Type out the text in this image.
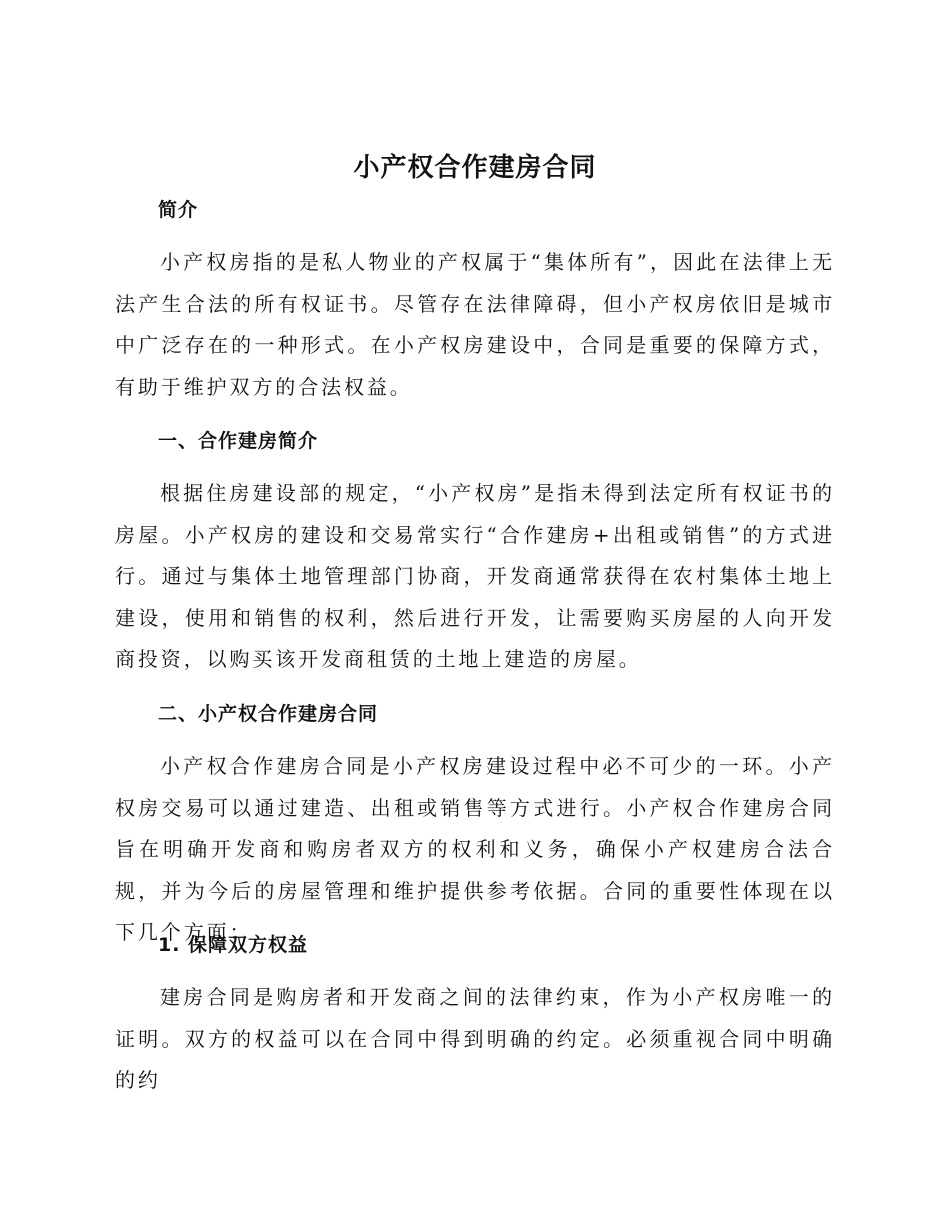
小产权合作建房合同
简介
小产权房指的是私人物业的产权属于“集体所有”，因此在法律上无法产生合法的所有权证书。尽管存在法律障碍，但小产权房依旧是城市中广泛存在的一种形式。在小产权房建设中，合同是重要的保障方式，有助于维护双方的合法权益。
一、合作建房简介
根据住房建设部的规定，“小产权房”是指未得到法定所有权证书的房屋。小产权房的建设和交易常实行“合作建房+出租或销售”的方式进行。通过与集体土地管理部门协商，开发商通常获得在农村集体土地上建设，使用和销售的权利，然后进行开发，让需要购买房屋的人向开发商投资，以购买该开发商租赁的土地上建造的房屋。
二、小产权合作建房合同
小产权合作建房合同是小产权房建设过程中必不可少的一环。小产权房交易可以通过建造、出租或销售等方式进行。小产权合作建房合同旨在明确开发商和购房者双方的权利和义务，确保小产权建房合法合规，并为今后的房屋管理和维护提供参考依据。合同的重要性体现在以下几个方面：
1. 保障双方权益
建房合同是购房者和开发商之间的法律约束，作为小产权房唯一的证明。双方的权益可以在合同中得到明确的约定。必须重视合同中明确的约
